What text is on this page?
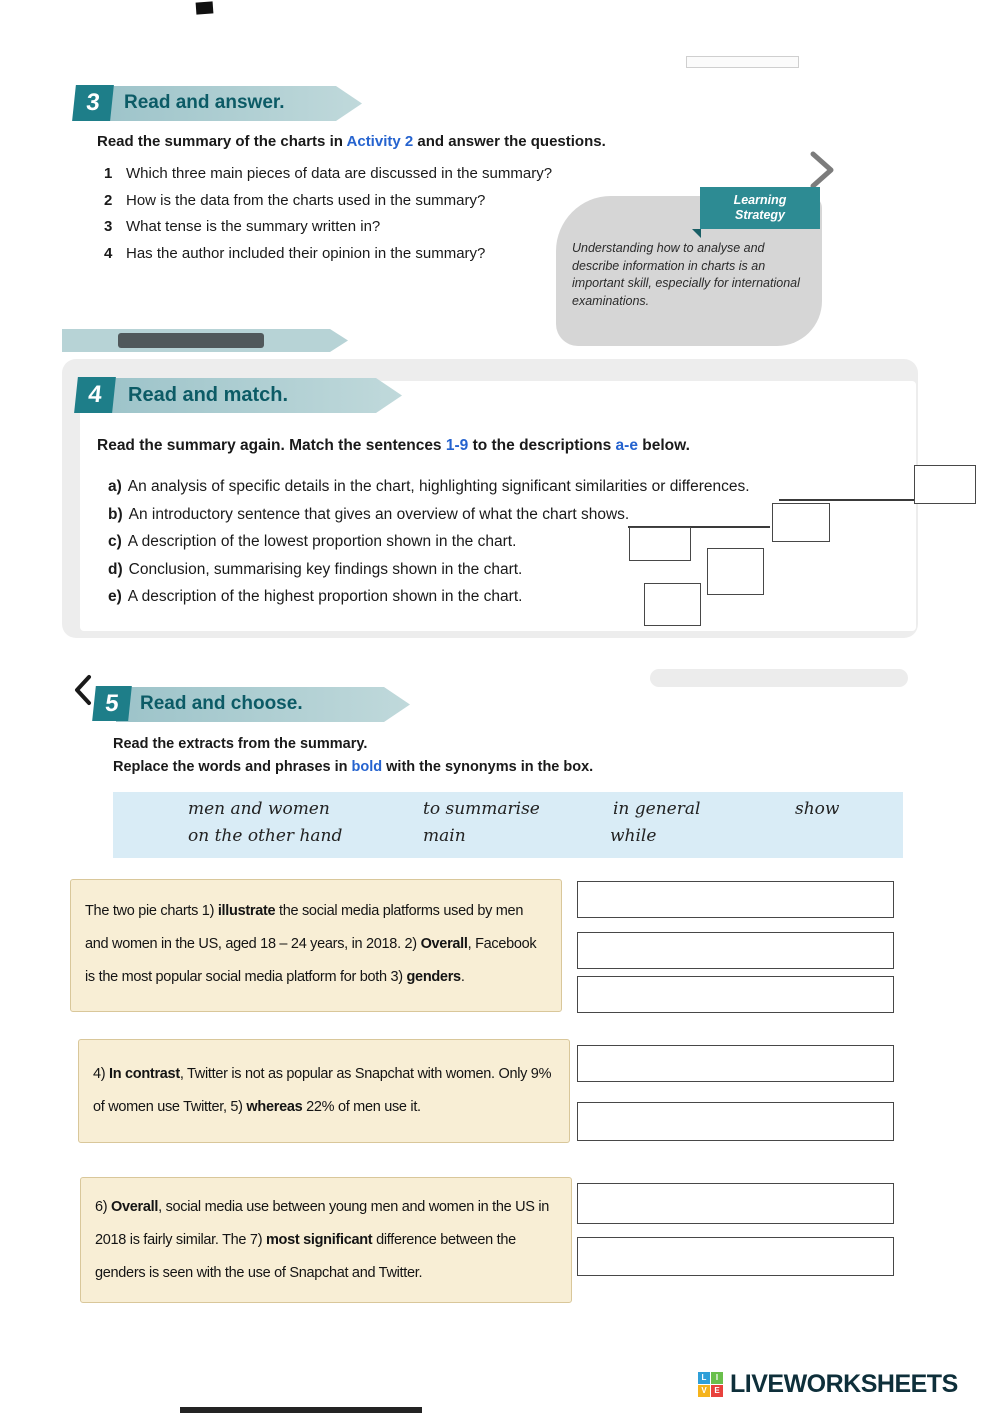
3	Read and answer.

Read the summary of the charts in Activity 2 and answer the questions.

1 Which three main pieces of data are discussed in the summary?
2 How is the data from the charts used in the summary?
3 What tense is the summary written in?
4 Has the author included their opinion in the summary?
Learning
Strategy
Understanding how to analyse and describe information in charts is an important skill, especially for international examinations.
4	Read and match.

Read the summary again. Match the sentences 1-9 to the descriptions a-e below.

a) An analysis of specific details in the chart, highlighting significant similarities or differences.
b) An introductory sentence that gives an overview of what the chart shows.
c) A description of the lowest proportion shown in the chart.
d) Conclusion, summarising key findings shown in the chart.
e) A description of the highest proportion shown in the chart.
5	Read and choose.

Read the extracts from the summary.

Replace the words and phrases in bold with the synonyms in the box.

men and women	to summarise	in general	show
on the other hand	main	while
The two pie charts 1) illustrate the social media platforms used by men and women in the US, aged 18 – 24 years, in 2018. 2) Overall, Facebook is the most popular social media platform for both 3) genders.
4) In contrast, Twitter is not as popular as Snapchat with women. Only 9% of women use Twitter, 5) whereas 22% of men use it.
6) Overall, social media use between young men and women in the US in 2018 is fairly similar. The 7) most significant difference between the genders is seen with the use of Snapchat and Twitter.
L	I
V E LIVEWORKSHEETS
